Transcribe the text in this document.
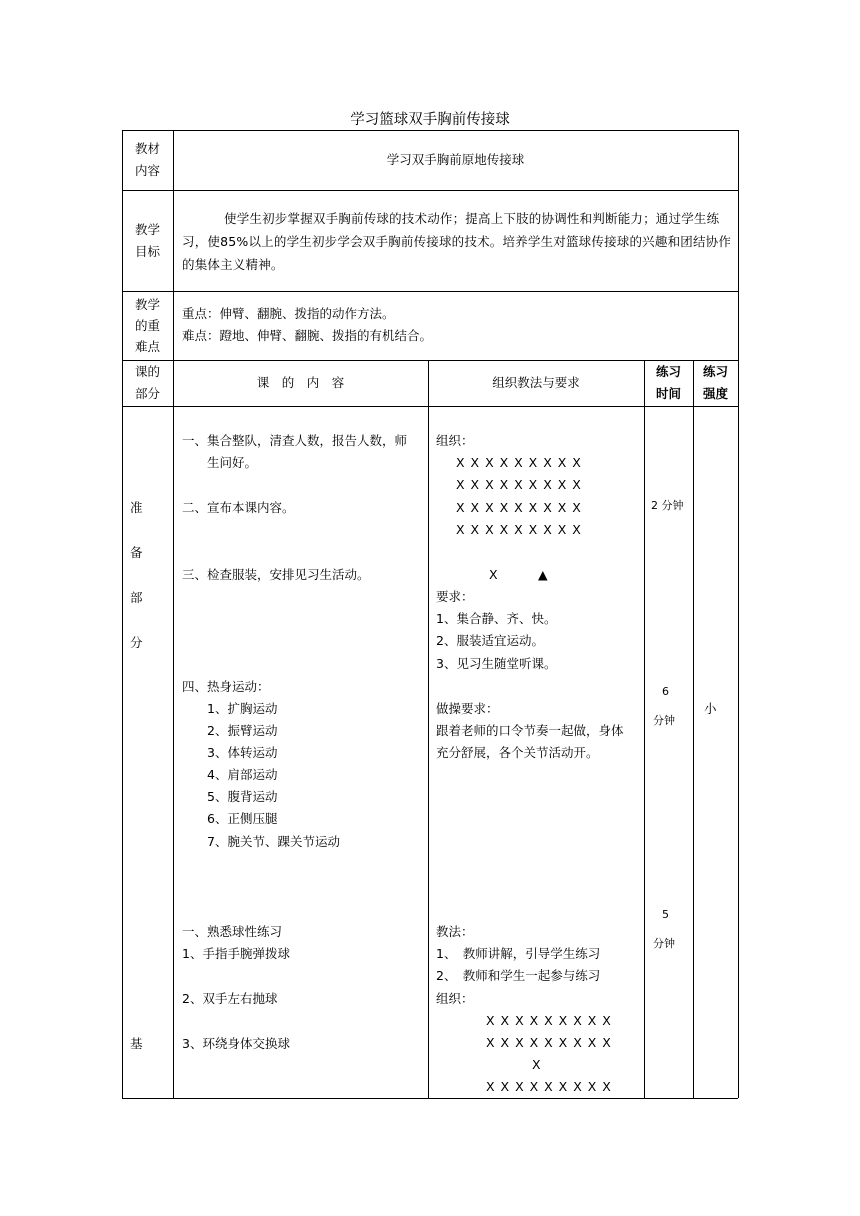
学习篮球双手胸前传接球
教材
内容
学习双手胸前原地传接球
教学
目标
使学生初步掌握双手胸前传球的技术动作；提高上下肢的协调性和判断能力；通过学生练习，使85%以上的学生初步学会双手胸前传接球的技术。培养学生对篮球传接球的兴趣和团结协作的集体主义精神。
教学
的重
难点
重点：伸臂、翻腕、拨指的动作方法。
难点：蹬地、伸臂、翻腕、拨指的有机结合。
课的
部分
课　的　内　容	组织教法与要求
练习
时间
练习
强度
准
备
部
分
一、集合整队，清查人数，报告人数，师
生问好。
二、宣布本课内容。
三、检查服装，安排见习生活动。
四、热身运动：
1、扩胸运动
2、振臂运动
3、体转运动
4、肩部运动
5、腹背运动
6、正侧压腿
7、腕关节、踝关节运动
组织：
X X X X X X X X X
X X X X X X X X X
X X X X X X X X X
X X X X X X X X X
X	▲
要求：
1、集合静、齐、快。
2、服装适宜运动。
3、见习生随堂听课。
做操要求：
跟着老师的口令节奏一起做，身体
充分舒展，各个关节活动开。
2 分钟
6
分钟
小
基
一、熟悉球性练习
1、手指手腕弹拨球
2、双手左右抛球
3、环绕身体交换球
教法：
1、　教师讲解，引导学生练习
2、　教师和学生一起参与练习
组织：
X X X X X X X X X
X X X X X X X X X
X
X X X X X X X X X
5
分钟
